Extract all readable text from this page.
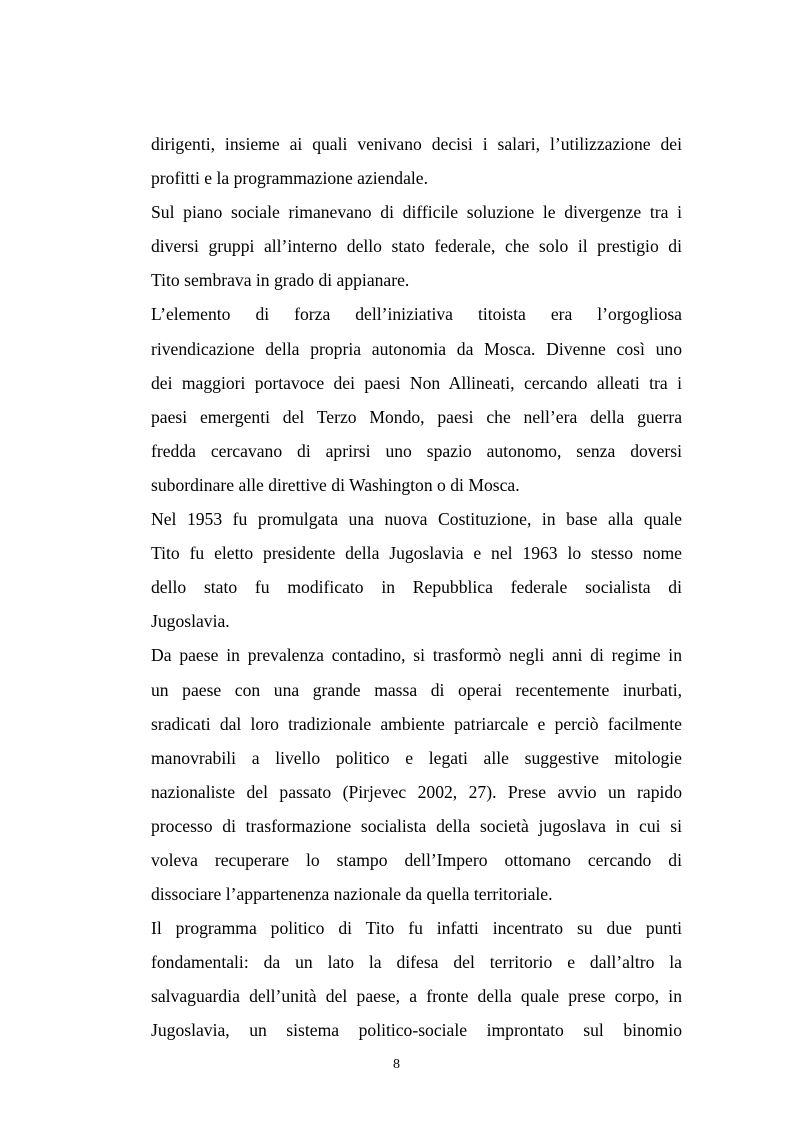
dirigenti, insieme ai quali venivano decisi i salari, l’utilizzazione dei
profitti e la programmazione aziendale.
Sul piano sociale rimanevano di difficile soluzione le divergenze tra i
diversi gruppi all’interno dello stato federale, che solo il prestigio di
Tito sembrava in grado di appianare.
L’elemento di forza dell’iniziativa titoista era l’orgogliosa
rivendicazione della propria autonomia da Mosca. Divenne così uno
dei maggiori portavoce dei paesi Non Allineati, cercando alleati tra i
paesi emergenti del Terzo Mondo, paesi che nell’era della guerra
fredda cercavano di aprirsi uno spazio autonomo, senza doversi
subordinare alle direttive di Washington o di Mosca.
Nel 1953 fu promulgata una nuova Costituzione, in base alla quale
Tito fu eletto presidente della Jugoslavia e nel 1963 lo stesso nome
dello stato fu modificato in Repubblica federale socialista di
Jugoslavia.
Da paese in prevalenza contadino, si trasformò negli anni di regime in
un paese con una grande massa di operai recentemente inurbati,
sradicati dal loro tradizionale ambiente patriarcale e perciò facilmente
manovrabili a livello politico e legati alle suggestive mitologie
nazionaliste del passato (Pirjevec 2002, 27). Prese avvio un rapido
processo di trasformazione socialista della società jugoslava in cui si
voleva recuperare lo stampo dell’Impero ottomano cercando di
dissociare l’appartenenza nazionale da quella territoriale.
Il programma politico di Tito fu infatti incentrato su due punti
fondamentali: da un lato la difesa del territorio e dall’altro la
salvaguardia dell’unità del paese, a fronte della quale prese corpo, in
Jugoslavia, un sistema politico-sociale improntato sul binomio
8
